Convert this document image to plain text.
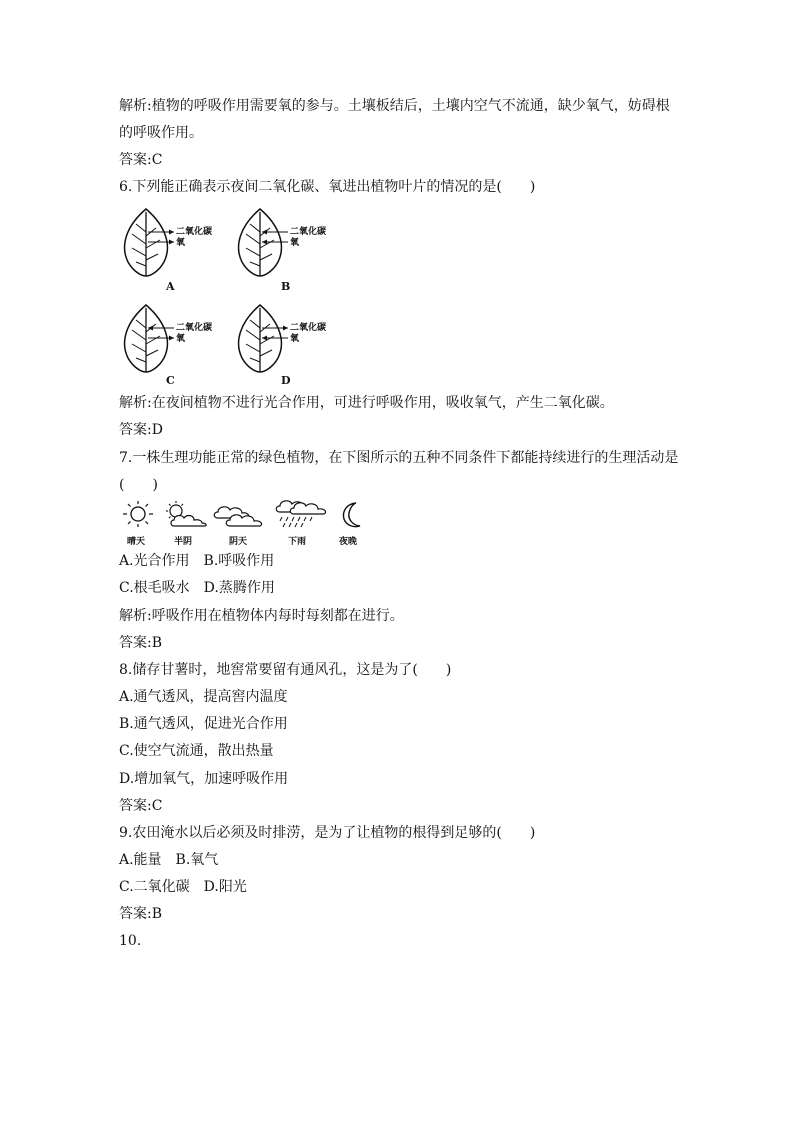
解析:植物的呼吸作用需要氧的参与。土壤板结后，土壤内空气不流通，缺少氧气，妨碍根
的呼吸作用。
答案:C
6.下列能正确表示夜间二氧化碳、氧进出植物叶片的情况的是(　　)
二氧化碳
氧
A
二氧化碳
氧
B
二氧化碳
氧
C
二氧化碳
氧
D
解析:在夜间植物不进行光合作用，可进行呼吸作用，吸收氧气，产生二氧化碳。
答案:D
7.一株生理功能正常的绿色植物，在下图所示的五种不同条件下都能持续进行的生理活动是
(　　)
晴天	半阴	阴天	下雨	夜晚
A.光合作用　B.呼吸作用
C.根毛吸水　D.蒸腾作用
解析:呼吸作用在植物体内每时每刻都在进行。
答案:B
8.储存甘薯时，地窖常要留有通风孔，这是为了(　　)
A.通气透风，提高窖内温度
B.通气透风，促进光合作用
C.使空气流通，散出热量
D.增加氧气，加速呼吸作用
答案:C
9.农田淹水以后必须及时排涝，是为了让植物的根得到足够的(　　)
A.能量　B.氧气
C.二氧化碳　D.阳光
答案:B
10.
